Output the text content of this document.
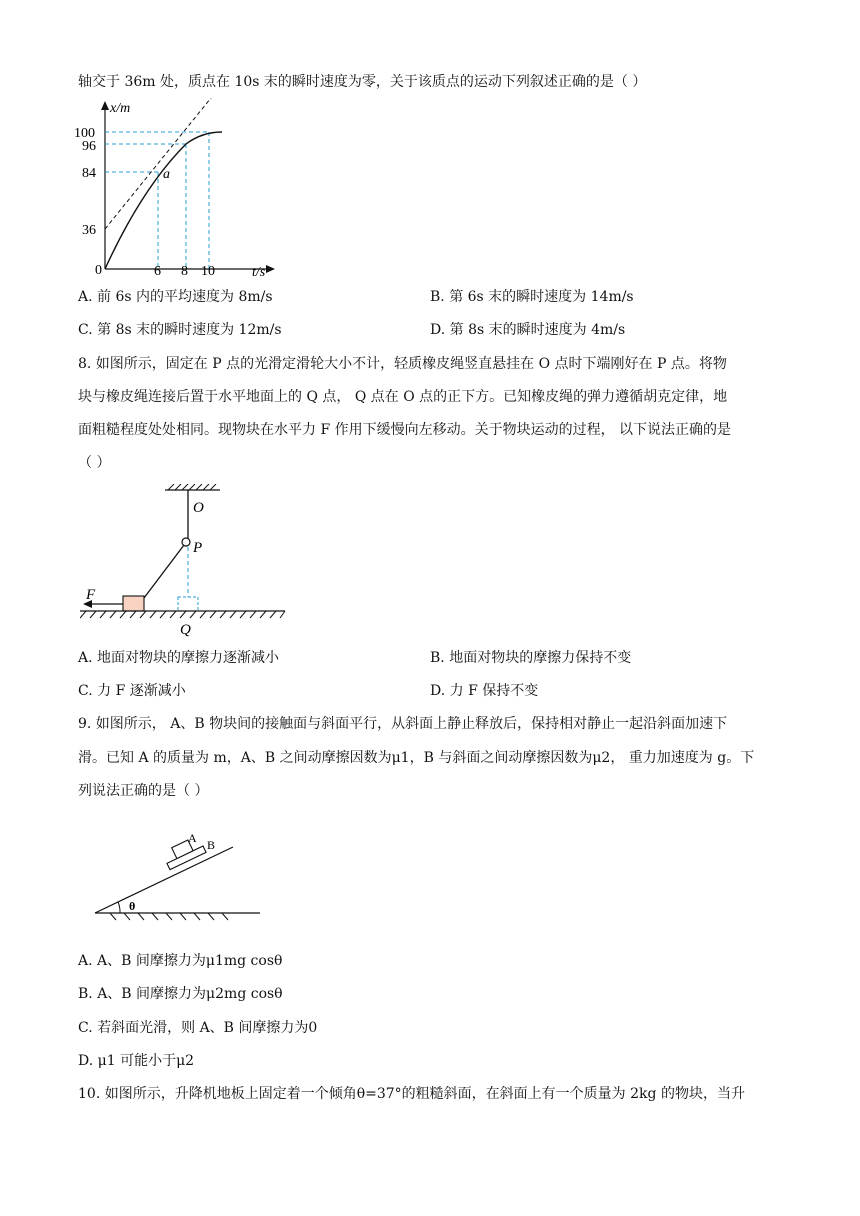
轴交于 36m 处，质点在 10s 末的瞬时速度为零，关于该质点的运动下列叙述正确的是（ ）
x/m
t/s
0
100
96
84
36
6 8 10
a
A. 前 6s 内的平均速度为 8m/s	B. 第 6s 末的瞬时速度为 14m/s
C. 第 8s 末的瞬时速度为 12m/s	D. 第 8s 末的瞬时速度为 4m/s
8. 如图所示，固定在 P 点的光滑定滑轮大小不计，轻质橡皮绳竖直悬挂在 O 点时下端刚好在 P 点。将物
块与橡皮绳连接后置于水平地面上的 Q 点， Q 点在 O 点的正下方。已知橡皮绳的弹力遵循胡克定律，地
面粗糙程度处处相同。现物块在水平力 F 作用下缓慢向左移动。关于物块运动的过程， 以下说法正确的是
（ ）
O
P
F
Q
A. 地面对物块的摩擦力逐渐减小	B. 地面对物块的摩擦力保持不变
C. 力 F 逐渐减小	D. 力 F 保持不变
9. 如图所示， A、B 物块间的接触面与斜面平行，从斜面上静止释放后，保持相对静止一起沿斜面加速下
滑。已知 A 的质量为 m，A、B 之间动摩擦因数为μ1，B 与斜面之间动摩擦因数为μ2， 重力加速度为 g。下
列说法正确的是（ ）
A B
θ
A. A、B 间摩擦力为μ1mg cosθ
B. A、B 间摩擦力为μ2mg cosθ
C. 若斜面光滑，则 A、B 间摩擦力为0
D. μ1 可能小于μ2
10. 如图所示，升降机地板上固定着一个倾角θ=37°的粗糙斜面，在斜面上有一个质量为 2kg 的物块，当升
